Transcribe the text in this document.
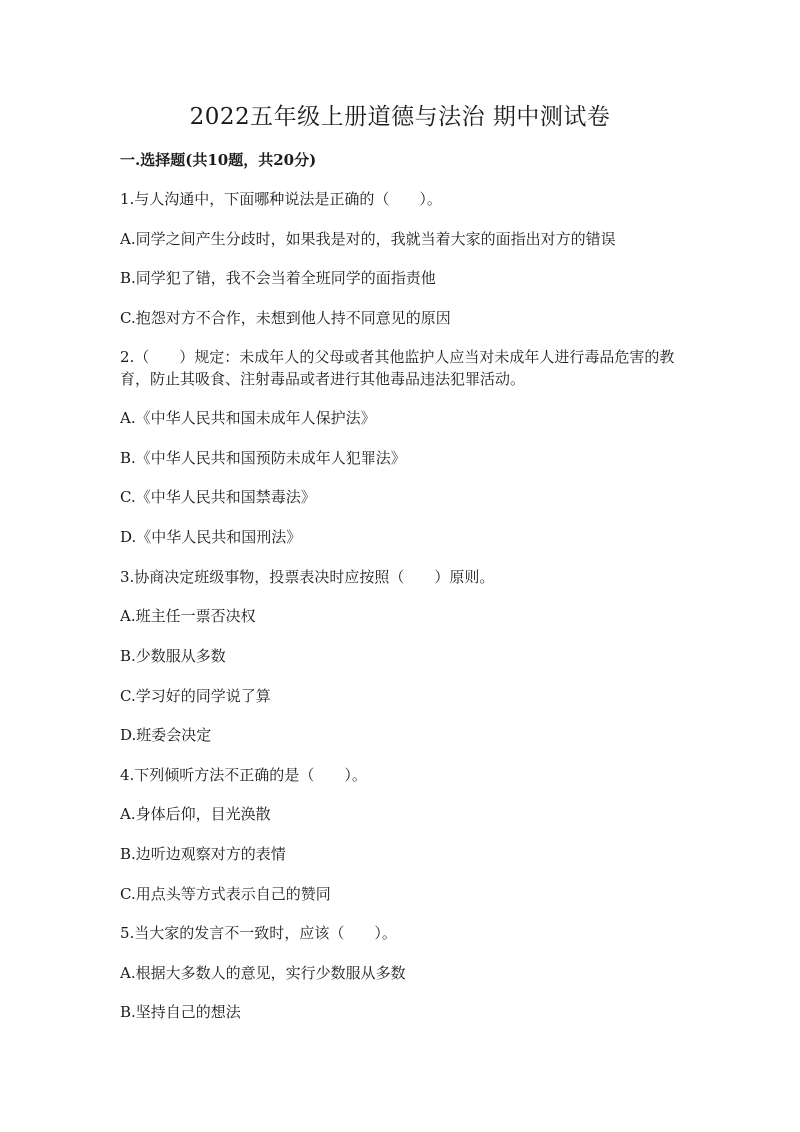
2022五年级上册道德与法治 期中测试卷
一.选择题(共10题，共20分)

1.与人沟通中，下面哪种说法是正确的（　　）。

A.同学之间产生分歧时，如果我是对的，我就当着大家的面指出对方的错误

B.同学犯了错，我不会当着全班同学的面指责他

C.抱怨对方不合作，未想到他人持不同意见的原因

2.（　　）规定：未成年人的父母或者其他监护人应当对未成年人进行毒品危害的教育，防止其吸食、注射毒品或者进行其他毒品违法犯罪活动。

A.《中华人民共和国未成年人保护法》

B.《中华人民共和国预防未成年人犯罪法》

C.《中华人民共和国禁毒法》

D.《中华人民共和国刑法》

3.协商决定班级事物，投票表决时应按照（　　）原则。

A.班主任一票否决权

B.少数服从多数

C.学习好的同学说了算

D.班委会决定

4.下列倾听方法不正确的是（　　）。

A.身体后仰，目光涣散

B.边听边观察对方的表情

C.用点头等方式表示自己的赞同

5.当大家的发言不一致时，应该（　　）。

A.根据大多数人的意见，实行少数服从多数

B.坚持自己的想法
